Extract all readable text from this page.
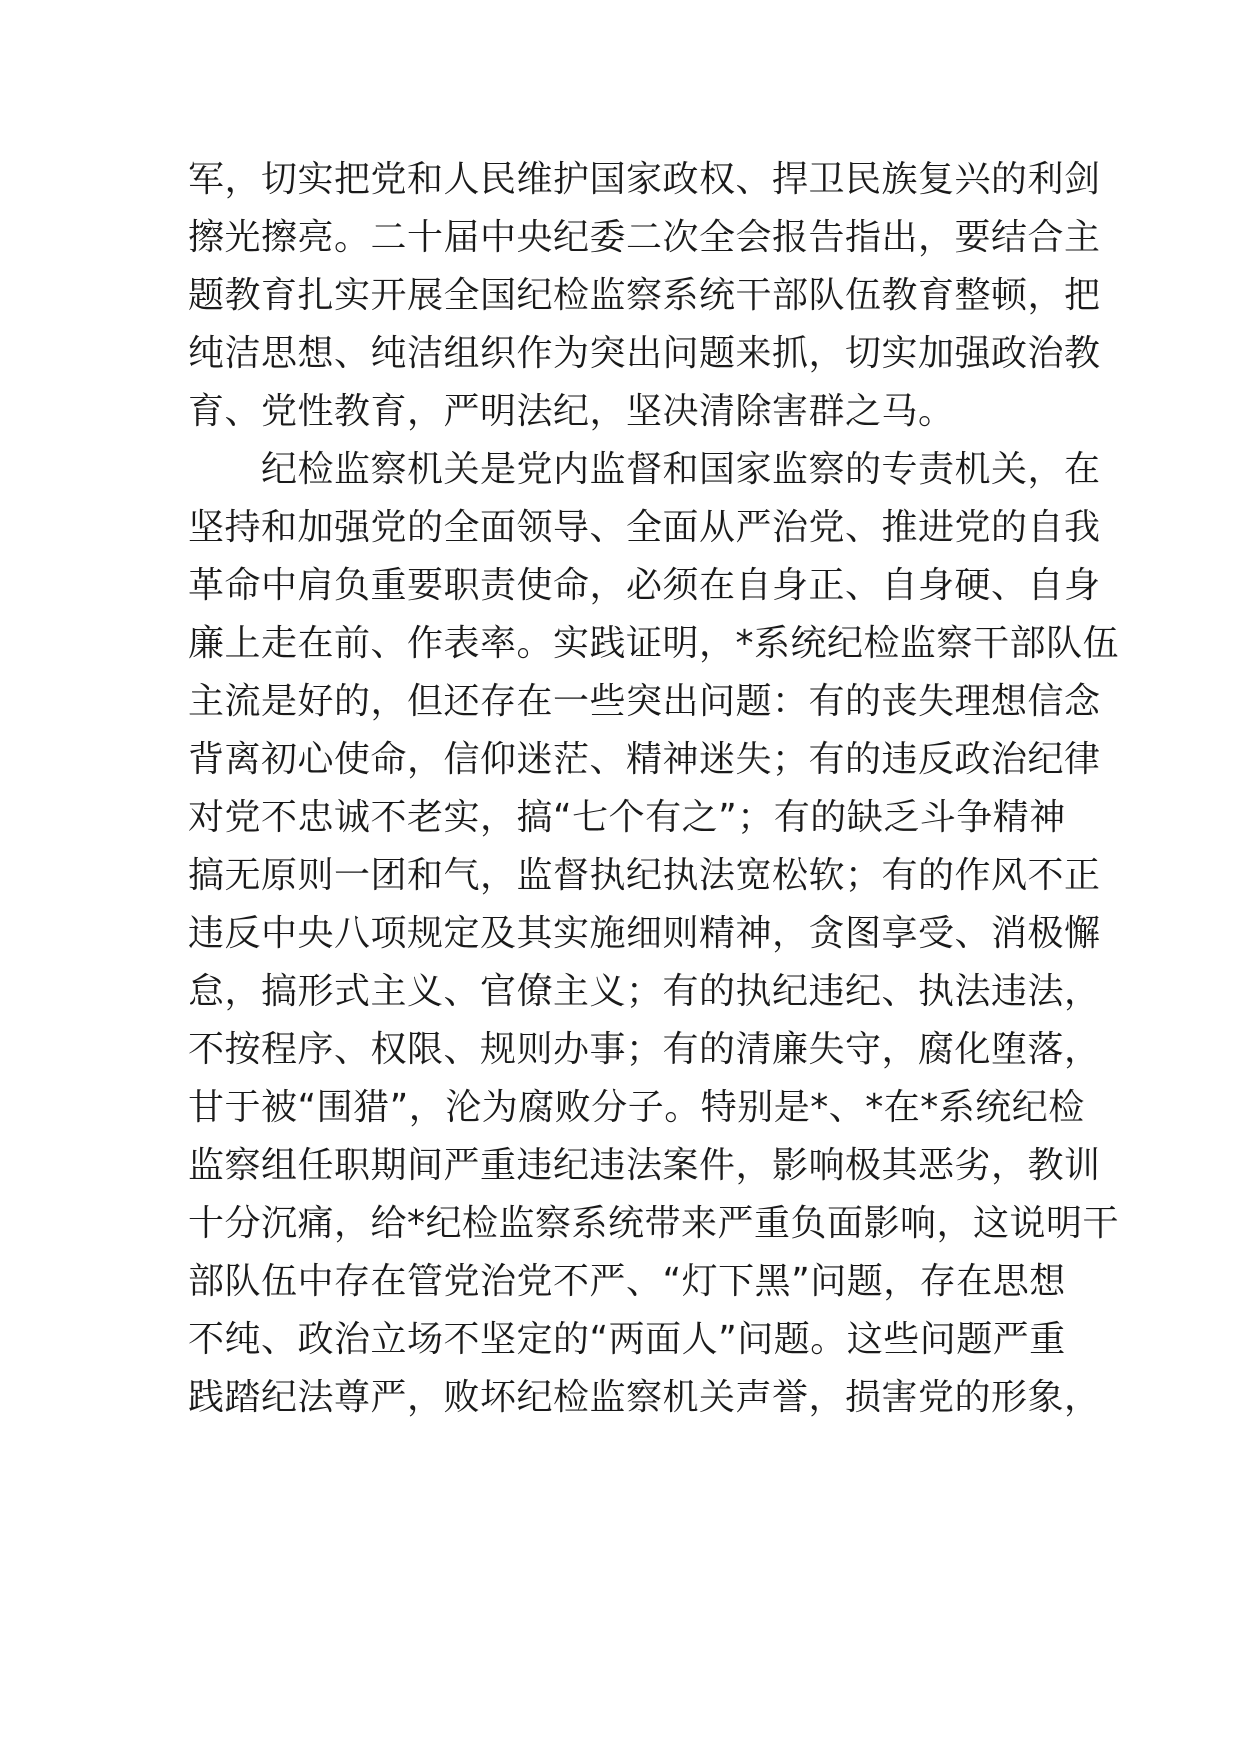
军，切实把党和人民维护国家政权、捍卫民族复兴的利剑
擦光擦亮。二十届中央纪委二次全会报告指出，要结合主
题教育扎实开展全国纪检监察系统干部队伍教育整顿，把
纯洁思想、纯洁组织作为突出问题来抓，切实加强政治教
育、党性教育，严明法纪，坚决清除害群之马。
　　纪检监察机关是党内监督和国家监察的专责机关，在
坚持和加强党的全面领导、全面从严治党、推进党的自我
革命中肩负重要职责使命，必须在自身正、自身硬、自身
廉上走在前、作表率。实践证明，*系统纪检监察干部队伍
主流是好的，但还存在一些突出问题：有的丧失理想信念
背离初心使命，信仰迷茫、精神迷失；有的违反政治纪律
对党不忠诚不老实，搞“七个有之”；有的缺乏斗争精神
搞无原则一团和气，监督执纪执法宽松软；有的作风不正
违反中央八项规定及其实施细则精神，贪图享受、消极懈
怠，搞形式主义、官僚主义；有的执纪违纪、执法违法，
不按程序、权限、规则办事；有的清廉失守，腐化堕落，
甘于被“围猎”，沦为腐败分子。特别是*、*在*系统纪检
监察组任职期间严重违纪违法案件，影响极其恶劣，教训
十分沉痛，给*纪检监察系统带来严重负面影响，这说明干
部队伍中存在管党治党不严、“灯下黑”问题，存在思想
不纯、政治立场不坚定的“两面人”问题。这些问题严重
践踏纪法尊严，败坏纪检监察机关声誉，损害党的形象，
